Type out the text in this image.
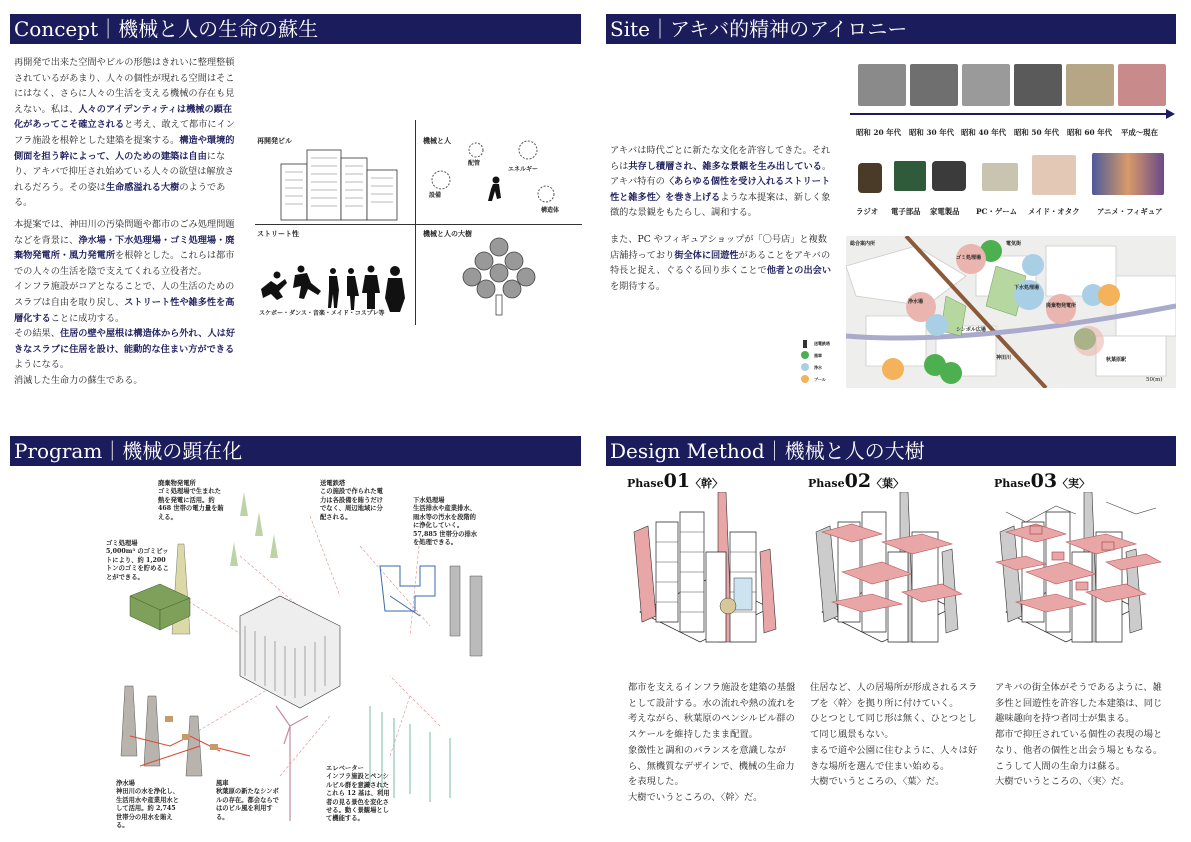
Concept｜機械と人の生命の蘇生

再開発で出来た空間やビルの形態はきれいに整理整頓されているがあまり、人々の個性が現れる空間はそこにはなく、さらに人々の生活を支える機械の存在も見えない。私は、人々のアイデンティティは機械の顕在化があってこそ確立されると考え、敢えて都市にインフラ施設を根幹とした建築を提案する。構造や環境的側面を担う幹によって、人のための建築は自由になり、アキバで抑圧され始めている人々の欲望は解放されるだろう。その姿は生命感溢れる大樹のようである。

本提案では、神田川の汚染問題や都市のごみ処理問題などを背景に、浄水場・下水処理場・ゴミ処理場・廃棄物発電所・風力発電所を根幹とした。これらは都市での人々の生活を陰で支えてくれる立役者だ。

インフラ施設がコアとなることで、人の生活のためのスラブは自由を取り戻し、ストリート性や雑多性を高層化することに成功する。

その結果、住居の壁や屋根は構造体から外れ、人は好きなスラブに住居を設け、能動的な住まい方ができるようになる。

消滅した生命力の蘇生である。

再開発ビル	機械と人
ストリート性	機械と人の大樹
スケボー・ダンス・音楽・メイド・コスプレ等
配管
エネルギー
設備
構造体
Site｜アキバ的精神のアイロニー
昭和 20 年代 昭和 30 年代 昭和 40 年代 昭和 50 年代 昭和 60 年代 平成〜現在
ラジオ 電子部品 家電製品 PC・ゲーム メイド・オタク アニメ・フィギュア

アキバは時代ごとに新たな文化を許容してきた。それらは共存し積層され、雑多な景観を生み出している。アキバ特有の〈あらゆる個性を受け入れるストリート性と雑多性〉を巻き上げるような本提案は、新しく象徴的な景観をもたらし、調和する。

また、PC やフィギュアショップが「〇号店」と複数店舗持っており街全体に回遊性があることをアキバの特長と捉え、ぐるぐる回り歩くことで他者との出会いを期待する。

総合案内所	電気街
ゴミ処理場
下水処理場
浄水場
廃棄物発電所
シンボル広場
神田川	秋葉原駅
50(m)
送電鉄塔
風車
浄水
プール
Program｜機械の顕在化
廃棄物発電所
ゴミ処理場で生まれた熱を発電に活用。約 468 世帯の電力量を賄える。
送電鉄塔
この施設で作られた電力は各設備を賄うだけでなく、周辺地域に分配される。
下水処理場
生活排水や産業排水、雨水等の汚水を段階的に浄化していく。57,885 世帯分の排水を処理できる。
ゴミ処理場
5,000m³ のゴミピットにより、約 1,200 トンのゴミを貯めることができる。
浄水場
神田川の水を浄化し、生活用水や産業用水として活用。約 2,745 世帯分の用水を賄える。
風車
秋葉原の新たなシンボルの存在。都会ならではのビル風を利用する。
エレベーター
インフラ施設とペンシルビル群を意識されたこれら 12 基は、利用者の見る景色を変化させる。動く景観場として機能する。
Design Method｜機械と人の大樹
Phase01〈幹〉	Phase02〈葉〉	Phase03〈実〉
都市を支えるインフラ施設を建築の基盤として設計する。水の流れや熱の流れを考えながら、秋葉原のペンシルビル群のスケールを維持したまま配置。
象徴性と調和のバランスを意識しながら、無機質なデザインで、機械の生命力を表現した。
大樹でいうところの、〈幹〉だ。
住居など、人の居場所が形成されるスラブを〈幹〉を拠り所に付けていく。
ひとつとして同じ形は無く、ひとつとして同じ風景もない。
まるで道や公園に住むように、人々は好きな場所を選んで住まい始める。
大樹でいうところの、〈葉〉だ。
アキバの街全体がそうであるように、雑多性と回遊性を許容した本建築は、同じ趣味趣向を持つ者同士が集まる。
都市で抑圧されている個性の表現の場となり、他者の個性と出会う場ともなる。こうして人間の生命力は蘇る。
大樹でいうところの、〈実〉だ。
